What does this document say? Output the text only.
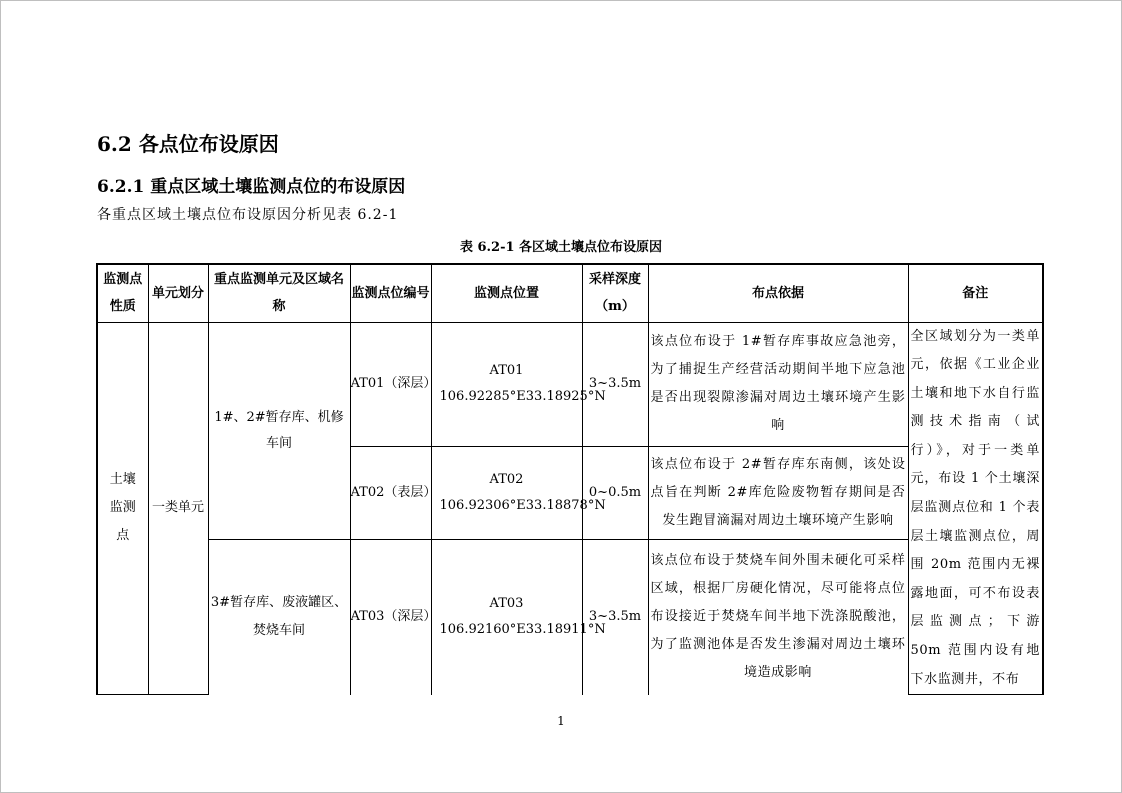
6.2 各点位布设原因
6.2.1 重点区域土壤监测点位的布设原因
各重点区域土壤点位布设原因分析见表 6.2-1
表 6.2-1 各区域土壤点位布设原因
监测点性质	单元划分	重点监测单元及区域名称	监测点位编号	监测点位置	采样深度（m）	布点依据	备注
土壤监测点	一类单元	1#、2#暂存库、机修车间	AT01（深层）	AT01 106.92285°E33.18925°N	3~3.5m	该点位布设于 1#暂存库事故应急池旁，为了捕捉生产经营活动期间半地下应急池是否出现裂隙渗漏对周边土壤环境产生影响	全区域划分为一类单元，依据《工业企业土壤和地下水自行监测技术指南（试行）》，对于一类单元，布设 1 个土壤深层监测点位和 1 个表层土壤监测点位，周围 20m 范围内无裸露地面，可不布设表层监测点；下游 50m 范围内设有地下水监测井，不布
			AT02（表层）	AT02 106.92306°E33.18878°N	0~0.5m	该点位布设于 2#暂存库东南侧，该处设点旨在判断 2#库危险废物暂存期间是否发生跑冒滴漏对周边土壤环境产生影响	
		3#暂存库、废液罐区、焚烧车间	AT03（深层）	AT03 106.92160°E33.18911°N	3~3.5m	该点位布设于焚烧车间外围未硬化可采样区域，根据厂房硬化情况，尽可能将点位布设接近于焚烧车间半地下洗涤脱酸池，为了监测池体是否发生渗漏对周边土壤环境造成影响	
1
